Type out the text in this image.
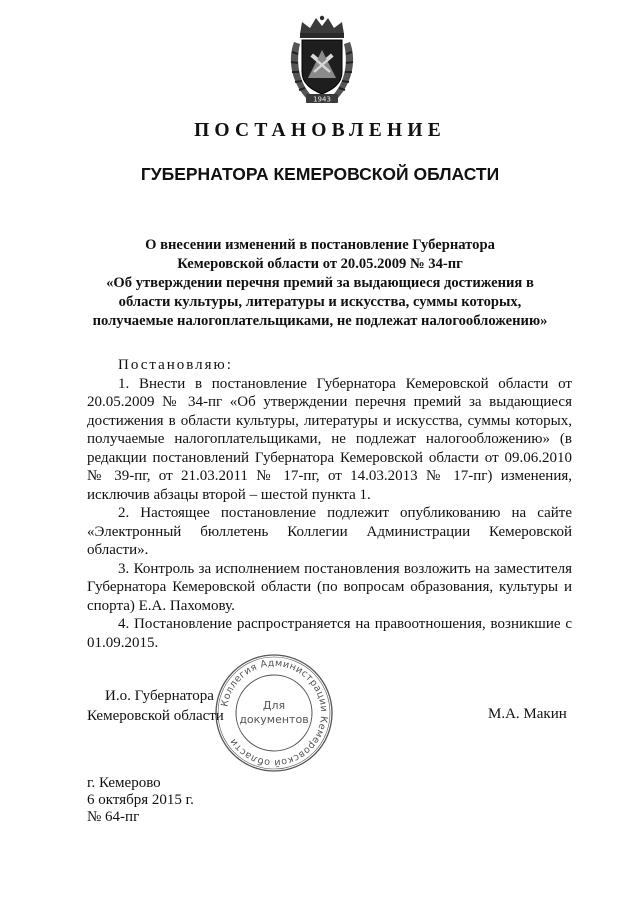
1943
ПОСТАНОВЛЕНИЕ
ГУБЕРНАТОРА КЕМЕРОВСКОЙ ОБЛАСТИ
О внесении изменений в постановление Губернатора
Кемеровской области от 20.05.2009 № 34-пг
«Об утверждении перечня премий за выдающиеся достижения в
области культуры, литературы и искусства, суммы которых,
получаемые налогоплательщиками, не подлежат налогообложению»

Постановляю:

1. Внести в постановление Губернатора Кемеровской области от 20.05.2009 № 34-пг «Об утверждении перечня премий за выдающиеся достижения в области культуры, литературы и искусства, суммы которых, получаемые налогоплательщиками, не подлежат налогообложению» (в редакции постановлений Губернатора Кемеровской области от 09.06.2010 № 39-пг, от 21.03.2011 № 17-пг, от 14.03.2013 № 17-пг) изменения, исключив абзацы второй – шестой пункта 1.

2. Настоящее постановление подлежит опубликованию на сайте «Электронный бюллетень Коллегии Администрации Кемеровской области».

3. Контроль за исполнением постановления возложить на заместителя Губернатора Кемеровской области (по вопросам образования, культуры и спорта) Е.А. Пахомову.

4. Постановление распространяется на правоотношения, возникшие с 01.09.2015.

И.о. Губернатора
Кемеровской области	М.А. Макин
Коллегия Администрации Кемеровской области
Для
документов
г. Кемерово
6 октября 2015 г.
№ 64-пг
